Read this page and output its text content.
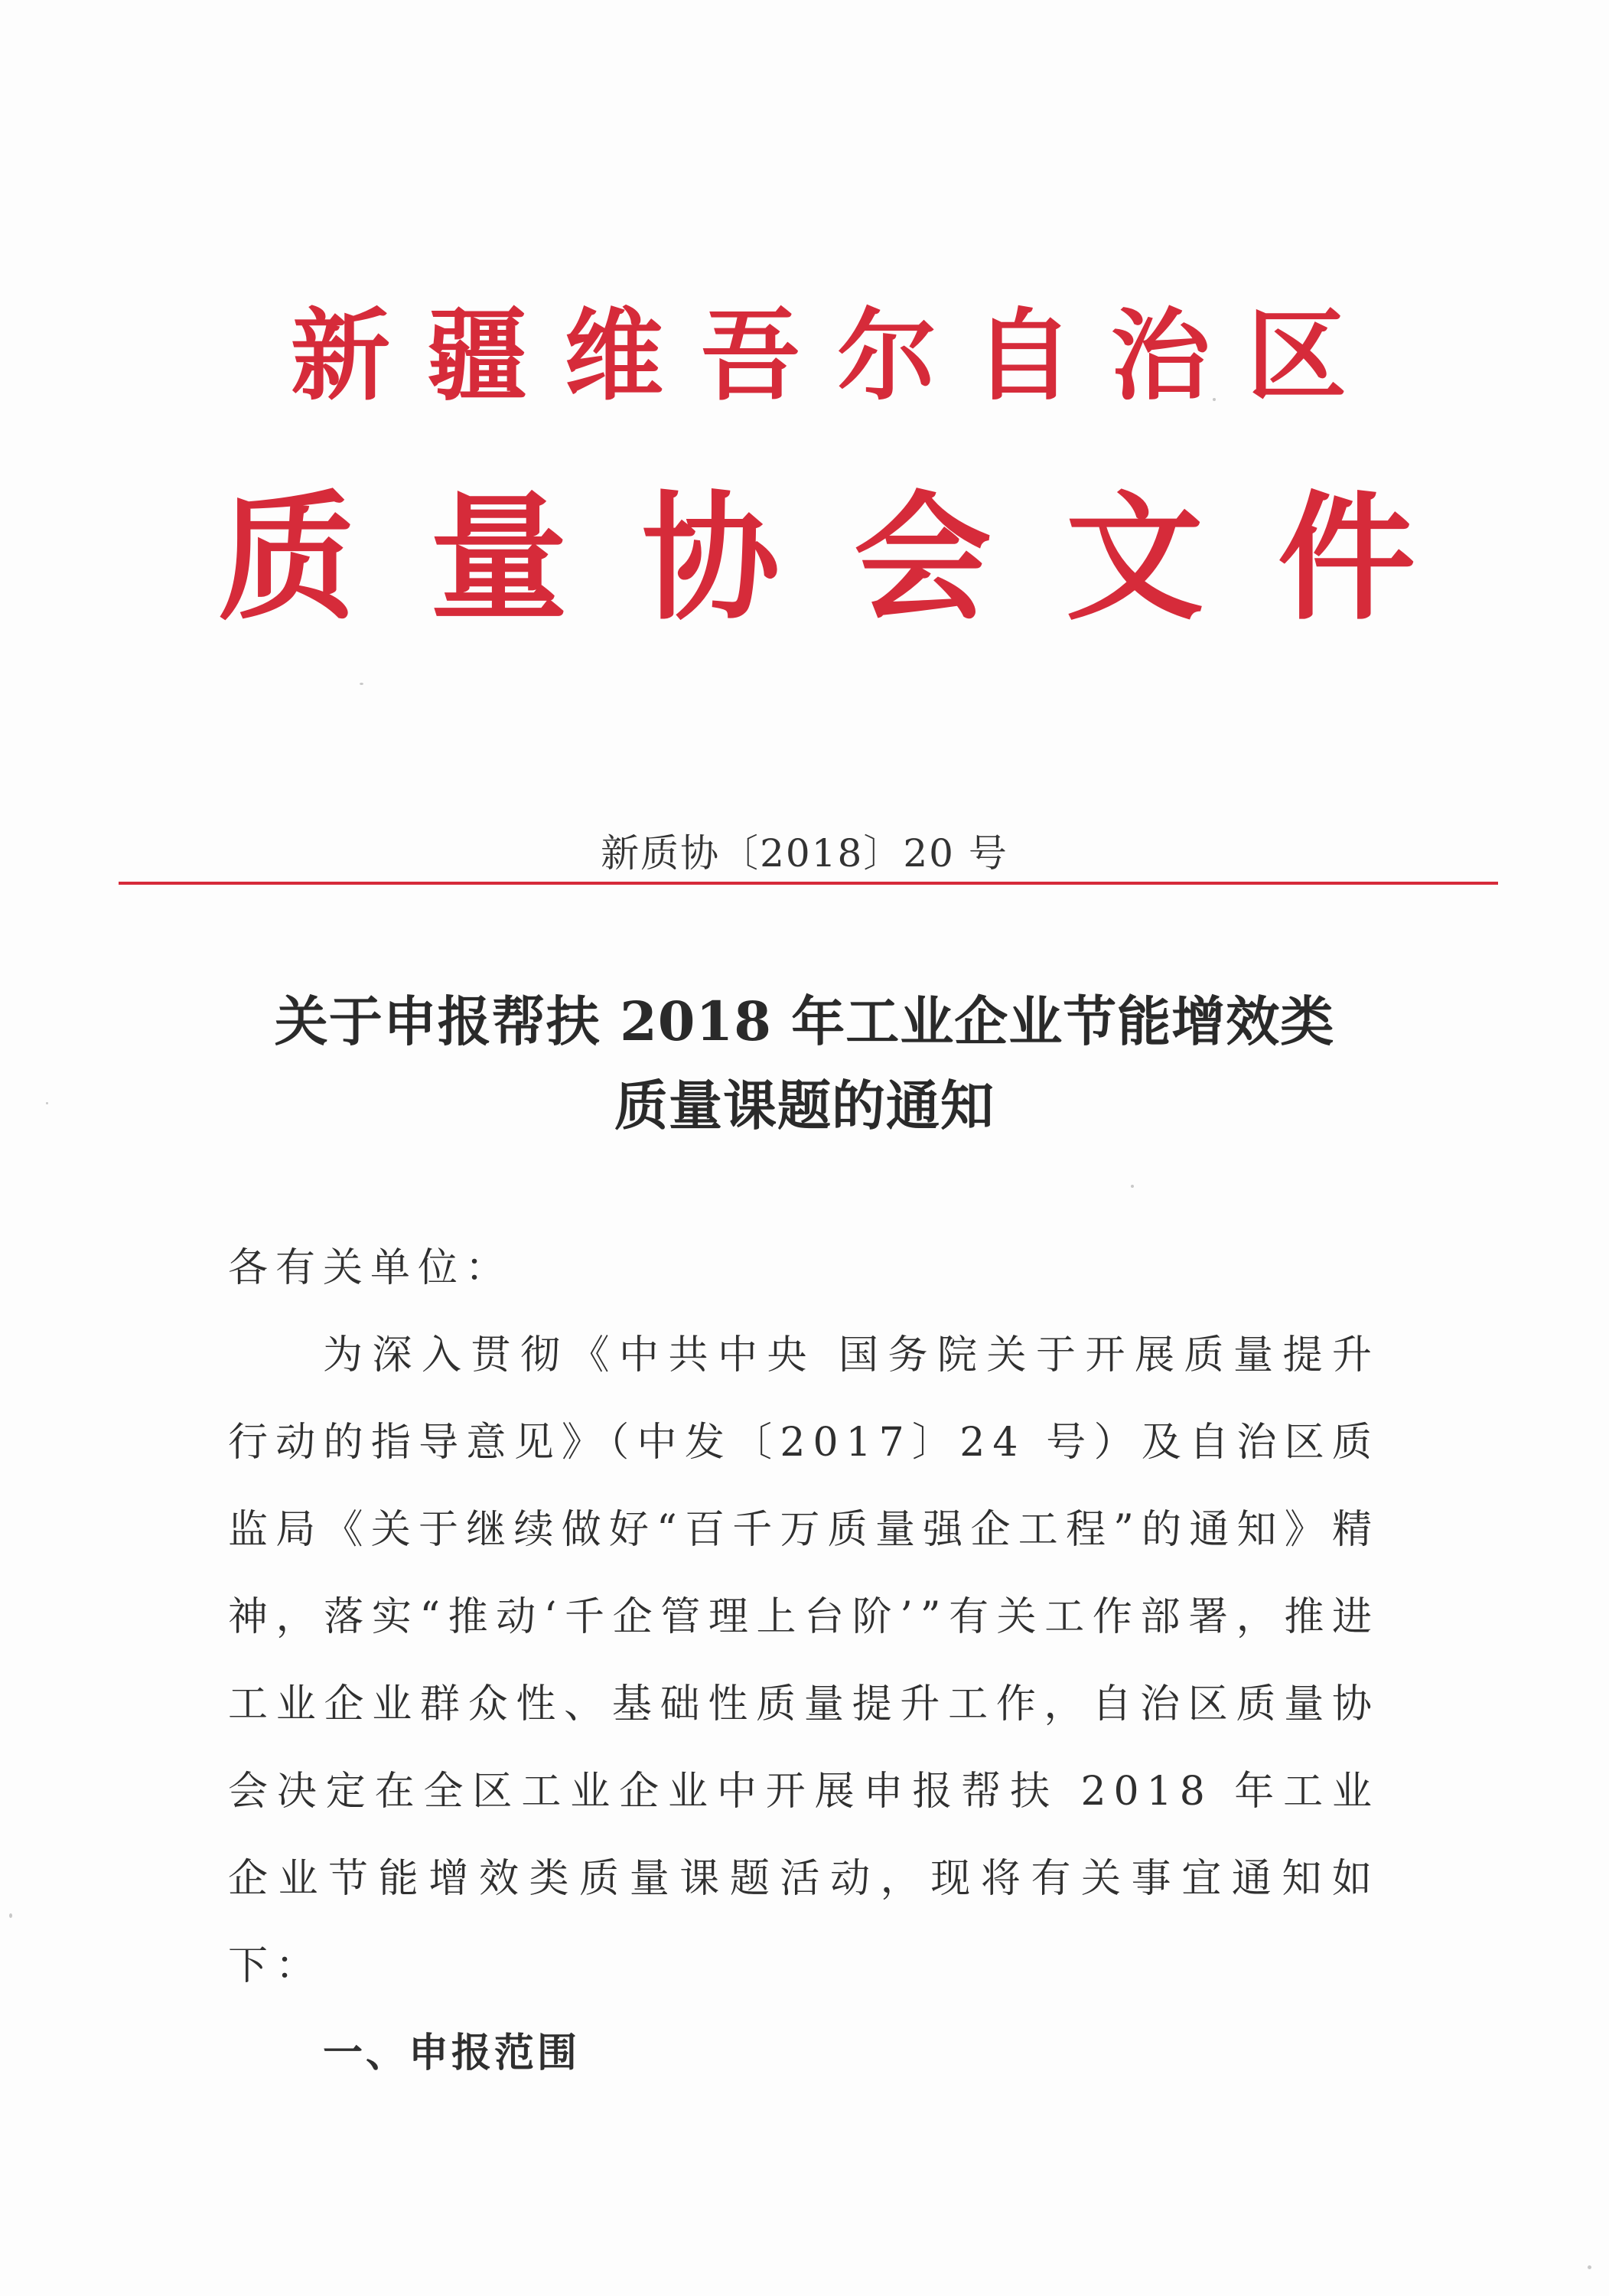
新 疆 维 吾 尔 自 治 区
质 量 协 会 文 件
新质协〔2018〕20 号
关于申报帮扶 2018 年工业企业节能增效类
质量课题的通知

各有关单位：

为深入贯彻《中共中央 国务院关于开展质量提升行动的指导意见》（中发〔2017〕24 号）及自治区质监局《关于继续做好“百千万质量强企工程”的通知》精神，落实“推动‘千企管理上台阶’”有关工作部署，推进工业企业群众性、基础性质量提升工作，自治区质量协会决定在全区工业企业中开展申报帮扶 2018 年工业企业节能增效类质量课题活动，现将有关事宜通知如下：

一、申报范围
